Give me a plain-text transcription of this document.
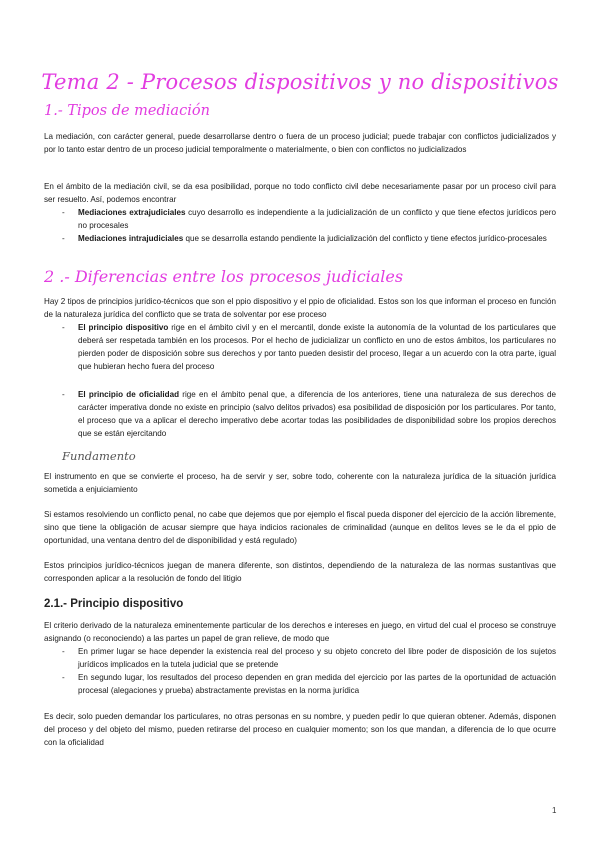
Tema 2 - Procesos dispositivos y no dispositivos
1.- Tipos de mediación

La mediación, con carácter general, puede desarrollarse dentro o fuera de un proceso judicial; puede trabajar con conflictos judicializados y por lo tanto estar dentro de un proceso judicial temporalmente o materialmente, o bien con conflictos no judicializados

En el ámbito de la mediación civil, se da esa posibilidad, porque no todo conflicto civil debe necesariamente pasar por un proceso civil para ser resuelto. Así, podemos encontrar

- Mediaciones extrajudiciales cuyo desarrollo es independiente a la judicialización de un conflicto y que tiene efectos jurídicos pero no procesales

- Mediaciones intrajudiciales que se desarrolla estando pendiente la judicialización del conflicto y tiene efectos jurídico-procesales

2 .- Diferencias entre los procesos judiciales

Hay 2 tipos de principios jurídico-técnicos que son el ppio dispositivo y el ppio de oficialidad. Estos son los que informan el proceso en función de la naturaleza jurídica del conflicto que se trata de solventar por ese proceso

- El principio dispositivo rige en el ámbito civil y en el mercantil, donde existe la autonomía de la voluntad de los particulares que deberá ser respetada también en los procesos. Por el hecho de judicializar un conflicto en uno de estos ámbitos, los particulares no pierden poder de disposición sobre sus derechos y por tanto pueden desistir del proceso, llegar a un acuerdo con la otra parte, igual que hubieran hecho fuera del proceso

- El principio de oficialidad rige en el ámbito penal que, a diferencia de los anteriores, tiene una naturaleza de sus derechos de carácter imperativa donde no existe en principio (salvo delitos privados) esa posibilidad de disposición por los particulares. Por tanto, el proceso que va a aplicar el derecho imperativo debe acortar todas las posibilidades de disponibilidad sobre los propios derechos que se están ejercitando

Fundamento

El instrumento en que se convierte el proceso, ha de servir y ser, sobre todo, coherente con la naturaleza jurídica de la situación jurídica sometida a enjuiciamiento

Si estamos resolviendo un conflicto penal, no cabe que dejemos que por ejemplo el fiscal pueda disponer del ejercicio de la acción libremente, sino que tiene la obligación de acusar siempre que haya indicios racionales de criminalidad (aunque en delitos leves se le da el ppio de oportunidad, una ventana dentro del de disponibilidad y está regulado)

Estos principios jurídico-técnicos juegan de manera diferente, son distintos, dependiendo de la naturaleza de las normas sustantivas que corresponden aplicar a la resolución de fondo del litigio

2.1.- Principio dispositivo

El criterio derivado de la naturaleza eminentemente particular de los derechos e intereses en juego, en virtud del cual el proceso se construye asignando (o reconociendo) a las partes un papel de gran relieve, de modo que

- En primer lugar se hace depender la existencia real del proceso y su objeto concreto del libre poder de disposición de los sujetos jurídicos implicados en la tutela judicial que se pretende

- En segundo lugar, los resultados del proceso dependen en gran medida del ejercicio por las partes de la oportunidad de actuación procesal (alegaciones y prueba) abstractamente previstas en la norma jurídica

Es decir, solo pueden demandar los particulares, no otras personas en su nombre, y pueden pedir lo que quieran obtener. Además, disponen del proceso y del objeto del mismo, pueden retirarse del proceso en cualquier momento; son los que mandan, a diferencia de lo que ocurre con la oficialidad

1
